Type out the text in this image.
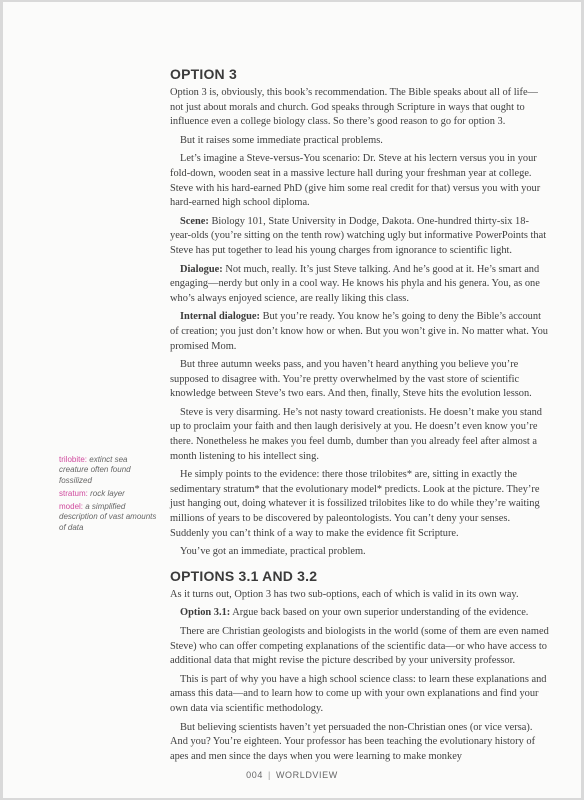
OPTION 3

Option 3 is, obviously, this book’s recommendation. The Bible speaks about all of life—not just about morals and church. God speaks through Scripture in ways that ought to influence even a college biology class. So there’s good reason to go for option 3.

But it raises some immediate practical problems.

Let’s imagine a Steve-versus-You scenario: Dr. Steve at his lectern versus you in your fold-down, wooden seat in a massive lecture hall during your freshman year at college. Steve with his hard-earned PhD (give him some real credit for that) versus you with your hard-earned high school diploma.

Scene: Biology 101, State University in Dodge, Dakota. One-hundred thirty-six 18-year-olds (you’re sitting on the tenth row) watching ugly but informative PowerPoints that Steve has put together to lead his young charges from ignorance to scientific light.

Dialogue: Not much, really. It’s just Steve talking. And he’s good at it. He’s smart and engaging—nerdy but only in a cool way. He knows his phyla and his genera. You, as one who’s always enjoyed science, are really liking this class.

Internal dialogue: But you’re ready. You know he’s going to deny the Bible’s account of creation; you just don’t know how or when. But you won’t give in. No matter what. You promised Mom.

But three autumn weeks pass, and you haven’t heard anything you believe you’re supposed to disagree with. You’re pretty overwhelmed by the vast store of scientific knowledge between Steve’s two ears. And then, finally, Steve hits the evolution lesson.

Steve is very disarming. He’s not nasty toward creationists. He doesn’t make you stand up to proclaim your faith and then laugh derisively at you. He doesn’t even know you’re there. Nonetheless he makes you feel dumb, dumber than you already feel after almost a month listening to his intellect sing.

He simply points to the evidence: there those trilobites* are, sitting in exactly the sedimentary stratum* that the evolutionary model* predicts. Look at the picture. They’re just hanging out, doing whatever it is fossilized trilobites like to do while they’re waiting millions of years to be discovered by paleontologists. You can’t deny your senses. Suddenly you can’t think of a way to make the evidence fit Scripture.

You’ve got an immediate, practical problem.

OPTIONS 3.1 AND 3.2

As it turns out, Option 3 has two sub-options, each of which is valid in its own way.

Option 3.1: Argue back based on your own superior understanding of the evidence.

There are Christian geologists and biologists in the world (some of them are even named Steve) who can offer competing explanations of the scientific data—or who have access to additional data that might revise the picture described by your university professor.

This is part of why you have a high school science class: to learn these explanations and amass this data—and to learn how to come up with your own explanations and find your own data via scientific methodology.

But believing scientists haven’t yet persuaded the non-Christian ones (or vice versa). And you? You’re eighteen. Your professor has been teaching the evolutionary history of apes and men since the days when you were learning to make monkey

trilobite: extinct sea creature often found fossilized
stratum: rock layer
model: a simplified description of vast amounts of data
004 | WORLDVIEW
